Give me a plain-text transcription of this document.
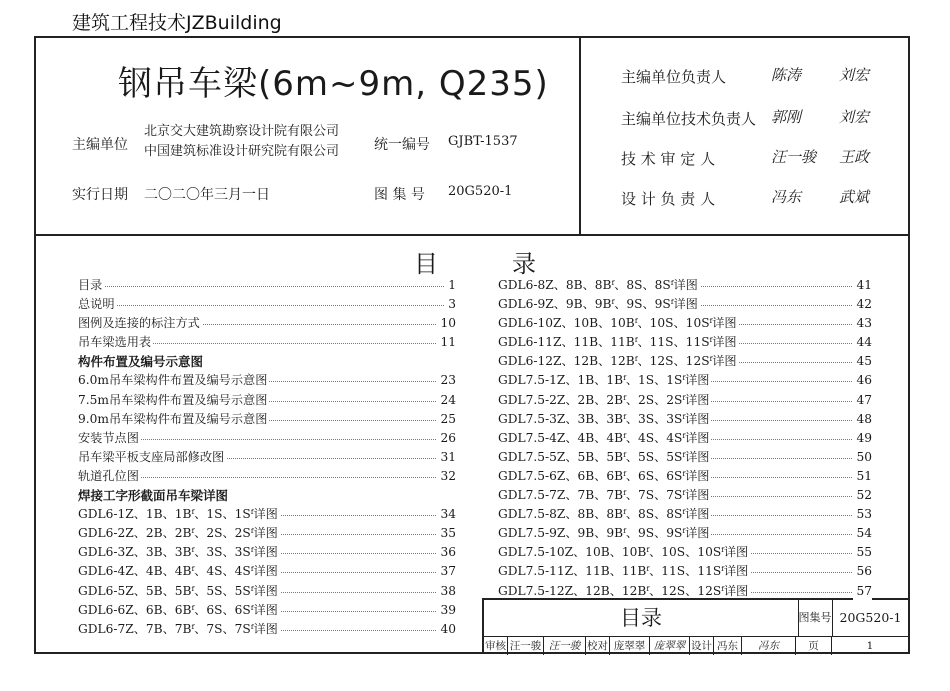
建筑工程技术JZBuilding
钢吊车梁(6m~9m, Q235)
主编单位
北京交大建筑勘察设计院有限公司
中国建筑标准设计研究院有限公司 统一编号 GJBT-1537
实行日期 二〇二〇年三月一日	图 集 号 20G520-1
主编单位负责人	陈涛	刘宏
主编单位技术负责人 郭刚	刘宏
技 术 审 定 人	汪一骏 王政
设 计 负 责 人	冯东	武斌
目	录
目录	1
总说明	3
图例及连接的标注方式	10
吊车梁选用表	11
构件布置及编号示意图
6.0m吊车梁构件布置及编号示意图	23
7.5m吊车梁构件布置及编号示意图	24
9.0m吊车梁构件布置及编号示意图	25
安装节点图	26
吊车梁平板支座局部修改图	31
轨道孔位图	32
焊接工字形截面吊车梁详图
GDL6-1Z、1B、1Bᶠ、1S、1Sᶠ详图	34
GDL6-2Z、2B、2Bᶠ、2S、2Sᶠ详图	35
GDL6-3Z、3B、3Bᶠ、3S、3Sᶠ详图	36
GDL6-4Z、4B、4Bᶠ、4S、4Sᶠ详图	37
GDL6-5Z、5B、5Bᶠ、5S、5Sᶠ详图	38
GDL6-6Z、6B、6Bᶠ、6S、6Sᶠ详图	39
GDL6-7Z、7B、7Bᶠ、7S、7Sᶠ详图	40
GDL6-8Z、8B、8Bᶠ、8S、8Sᶠ详图	41
GDL6-9Z、9B、9Bᶠ、9S、9Sᶠ详图	42
GDL6-10Z、10B、10Bᶠ、10S、10Sᶠ详图	43
GDL6-11Z、11B、11Bᶠ、11S、11Sᶠ详图	44
GDL6-12Z、12B、12Bᶠ、12S、12Sᶠ详图	45
GDL7.5-1Z、1B、1Bᶠ、1S、1Sᶠ详图	46
GDL7.5-2Z、2B、2Bᶠ、2S、2Sᶠ详图	47
GDL7.5-3Z、3B、3Bᶠ、3S、3Sᶠ详图	48
GDL7.5-4Z、4B、4Bᶠ、4S、4Sᶠ详图	49
GDL7.5-5Z、5B、5Bᶠ、5S、5Sᶠ详图	50
GDL7.5-6Z、6B、6Bᶠ、6S、6Sᶠ详图	51
GDL7.5-7Z、7B、7Bᶠ、7S、7Sᶠ详图	52
GDL7.5-8Z、8B、8Bᶠ、8S、8Sᶠ详图	53
GDL7.5-9Z、9B、9Bᶠ、9S、9Sᶠ详图	54
GDL7.5-10Z、10B、10Bᶠ、10S、10Sᶠ详图	55
GDL7.5-11Z、11B、11Bᶠ、11S、11Sᶠ详图	56
GDL7.5-12Z、12B、12Bᶠ、12S、12Sᶠ详图	57
目录	图集号 20G520-1
审核 汪一骏 汪一骏 校对 庞翠翠 庞翠翠 设计 冯东	冯东	页	1
